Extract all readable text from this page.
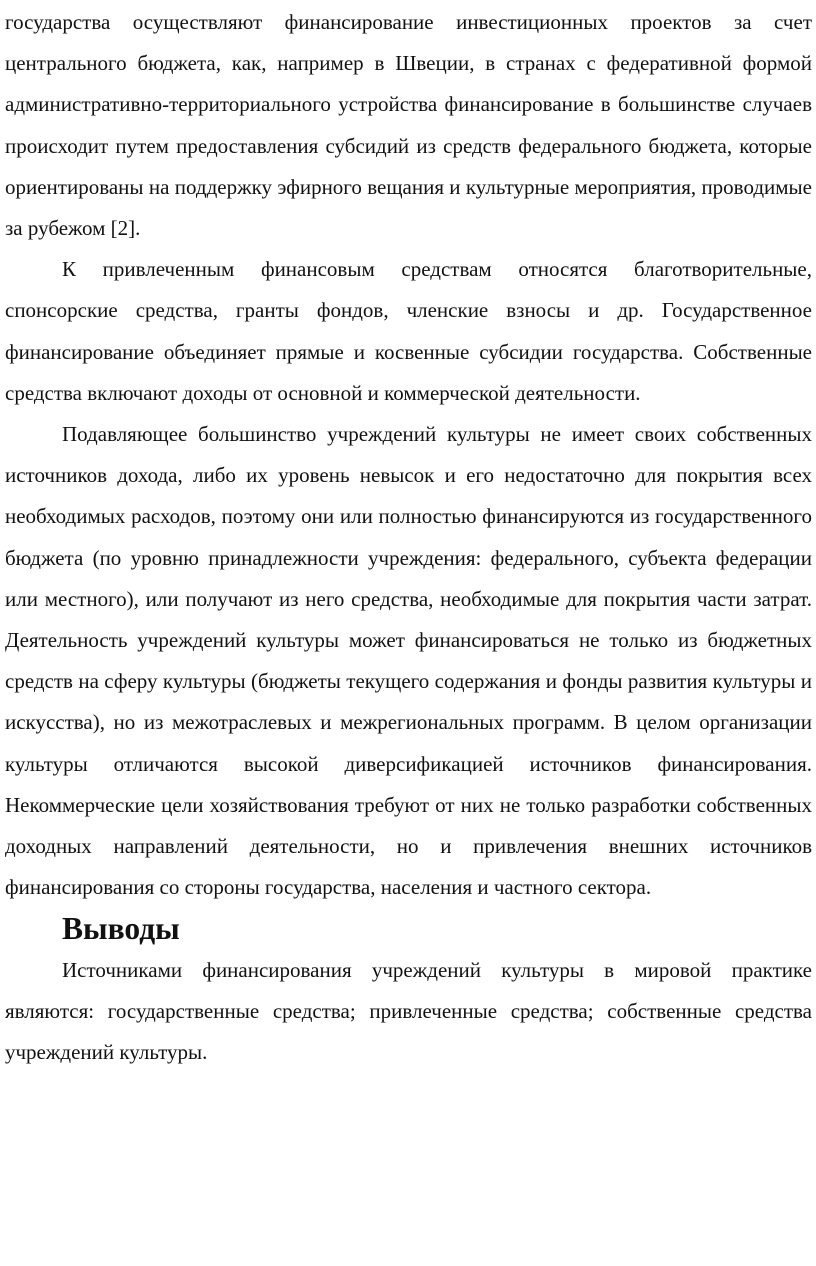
государства осуществляют финансирование инвестиционных проектов за счет центрального бюджета, как, например в Швеции, в странах с федеративной формой административно-территориального устройства финансирование в большинстве случаев происходит путем предоставления субсидий из средств федерального бюджета, которые ориентированы на поддержку эфирного вещания и культурные мероприятия, проводимые за рубежом [2].

К привлеченным финансовым средствам относятся благотворительные, спонсорские средства, гранты фондов, членские взносы и др. Государственное финансирование объединяет прямые и косвенные субсидии государства. Собственные средства включают доходы от основной и коммерческой деятельности.

Подавляющее большинство учреждений культуры не имеет своих собственных источников дохода, либо их уровень невысок и его недостаточно для покрытия всех необходимых расходов, поэтому они или полностью финансируются из государственного бюджета (по уровню принадлежности учреждения: федерального, субъекта федерации или местного), или получают из него средства, необходимые для покрытия части затрат. Деятельность учреждений культуры может финансироваться не только из бюджетных средств на сферу культуры (бюджеты текущего содержания и фонды развития культуры и искусства), но из межотраслевых и межрегиональных программ. В целом организации культуры отличаются высокой диверсификацией источников финансирования. Некоммерческие цели хозяйствования требуют от них не только разработки собственных доходных направлений деятельности, но и привлечения внешних источников финансирования со стороны государства, населения и частного сектора.

Выводы

Источниками финансирования учреждений культуры в мировой практике являются: государственные средства; привлеченные средства; собственные средства учреждений культуры.
